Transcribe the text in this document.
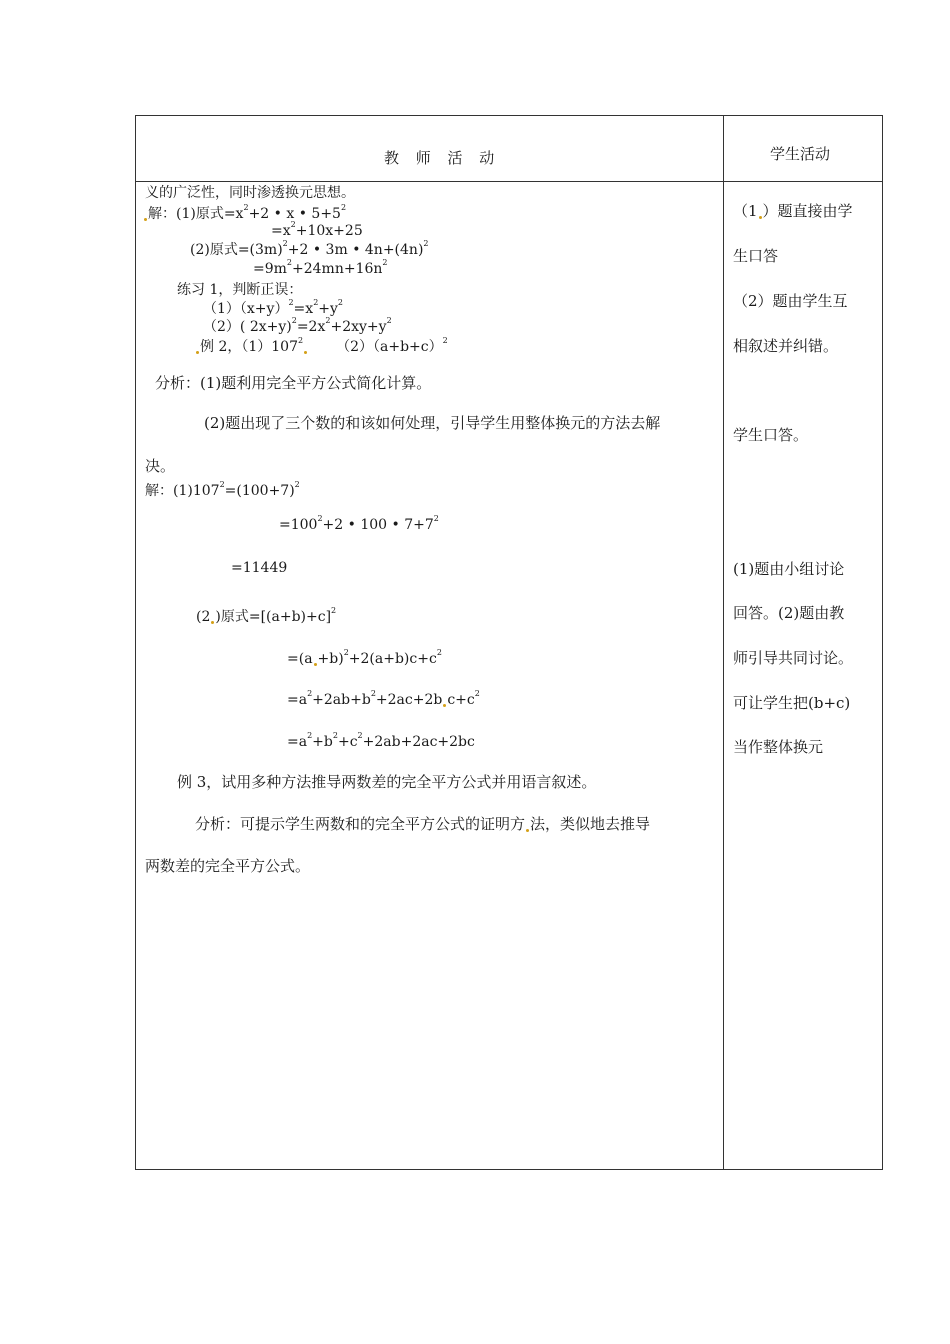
教 师 活 动	学生活动
义的广泛性，同时渗透换元思想。
解：(1)原式$=x^2+2$ • x • $5+5^2$
$=x^2+10x+25$
(2)原式$=(3m)^2+2$ • 3m • $4n+(4n)^2$
$=9m^2+24mn+16n^2$
练习 1，判断正误：
$(1)(x+y)^2=x^2+y^2$
（2）( $2x+y)^2=2x^2+2xy+y^2$
例 2，$(1)107^2$ $(2)(a+b+c)^2$
分析：(1)题利用完全平方公式简化计算。
(2)题出现了三个数的和该如何处理，引导学生用整体换元的方法去解
决。
解：$(1)107^2=(100+7)^2$
$=100^2+2$ • 100 • $7+7^2$
=11449
(2 )原式$=[(a+b)+c]^2$
$=(a +b)^2+2(a+b)c+c^2$
$=a^2+2ab+b^2+2ac+2b$ $c+c^2$
$=a^2+b^2+c^2+2ab+2ac+2bc$
例 3，试用多种方法推导两数差的完全平方公式并用语言叙述。
分析：可提示学生两数和的完全平方公式的证明方 法，类似地去推导
两数差的完全平方公式。
（1 ）题直接由学
生口答
（2）题由学生互
相叙述并纠错。
学生口答。
(1)题由小组讨论
回答。(2)题由教
师引导共同讨论。
可让学生把(b+c)
当作整体换元
